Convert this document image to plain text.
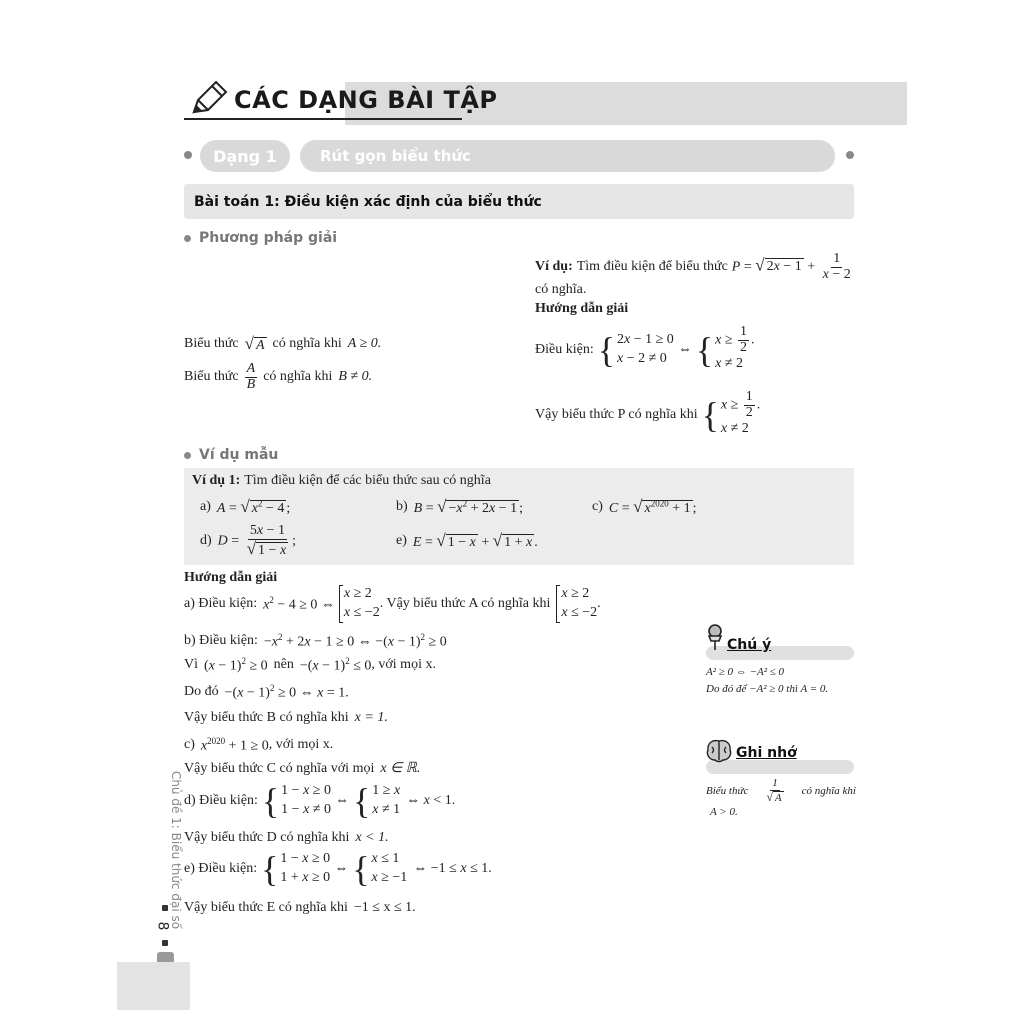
CÁC DẠNG BÀI TẬP
Dạng 1	Rút gọn biểu thức
Bài toán 1: Điều kiện xác định của biểu thức
Phương pháp giải
Biểu thức √ A có nghĩa khi A ≥ 0.
Biểu thức $\frac{A}{B}$ có nghĩa khi B ≠ 0.
Ví dụ: Tìm điều kiện để biểu thức P = √ $2x - 1 + \frac{1}{x - 2}$
có nghĩa.
Hướng dẫn giải
Điều kiện: { 2x − 1 ≥ 0
x − 2 ≠ 0
⇔ { $x \ge \frac{1}{2}$ .
x ≠ 2
Vậy biểu thức P có nghĩa khi { $x \ge \frac{1}{2}$ .
x ≠ 2
Ví dụ mẫu
Ví dụ 1: Tìm điều kiện để các biểu thức sau có nghĩa
a) A = √ $x^2 - 4$ ;	b) B = √ $-x^2 + 2x - 1$ ;	c) C = √ $x^{2020} + 1$ ;
d) $D = \frac{5x - 1}{√ 1 - x}$ ;	e) E = √ 1 − x + √ 1 + x .
Hướng dẫn giải
a) Điều kiện: $x^2 - 4 \ge 0$ ⇔
x ≥ 2
x ≤ −2
. Vậy biểu thức A có nghĩa khi
x ≥ 2
x ≤ −2
.
b) Điều kiện: $-x^2 + 2x - 1 \ge 0$ ⇔ $-(x - 1)^2 \ge 0$
Vì $(x - 1)^2 \ge 0$ nên $-(x - 1)^2 \le 0$ , với mọi x.
Do đó $-(x - 1)^2 \ge 0$ ⇔ x = 1.
Vậy biểu thức B có nghĩa khi x = 1.
c) $x^{2020} + 1 \ge 0$ , với mọi x.
Vậy biểu thức C có nghĩa với mọi x ∈ ℝ.
d) Điều kiện: { 1 − x ≥ 0
1 − x ≠ 0
⇔ { 1 ≥ x
x ≠ 1
⇔ x < 1.
Vậy biểu thức D có nghĩa khi x < 1.
e) Điều kiện: { 1 − x ≥ 0
1 + x ≥ 0
⇔ { x ≤ 1
x ≥ −1
⇔ −1 ≤ x ≤ 1.
Vậy biểu thức E có nghĩa khi −1 ≤ x ≤ 1.
Chú ý
A² ≥ 0 ⇔ −A² ≤ 0
Do đó để −A² ≥ 0 thì A = 0.
Ghi nhớ
Biểu thức $\frac{1}{√ A}$ có nghĩa khi
A > 0.
Chủ đề 1: Biểu thức đại số
8
